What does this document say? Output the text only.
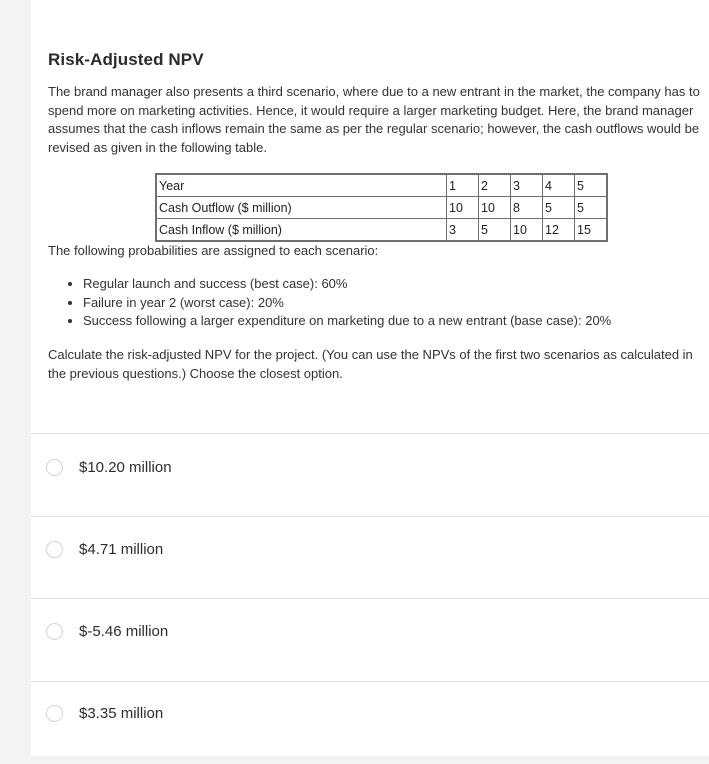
Risk-Adjusted NPV

The brand manager also presents a third scenario, where due to a new entrant in the market, the company has to spend more on marketing activities. Hence, it would require a larger marketing budget. Here, the brand manager assumes that the cash inflows remain the same as per the regular scenario; however, the cash outflows would be revised as given in the following table.

Year	1	2	3	4	5
Cash Outflow ($ million)	10	10	8	5	5
Cash Inflow ($ million)	3	5	10	12	15

The following probabilities are assigned to each scenario:

• Regular launch and success (best case): 60%
• Failure in year 2 (worst case): 20%
• Success following a larger expenditure on marketing due to a new entrant (base case): 20%

Calculate the risk-adjusted NPV for the project. (You can use the NPVs of the first two scenarios as calculated in the previous questions.) Choose the closest option.

$10.20 million
$4.71 million
$-5.46 million
$3.35 million
